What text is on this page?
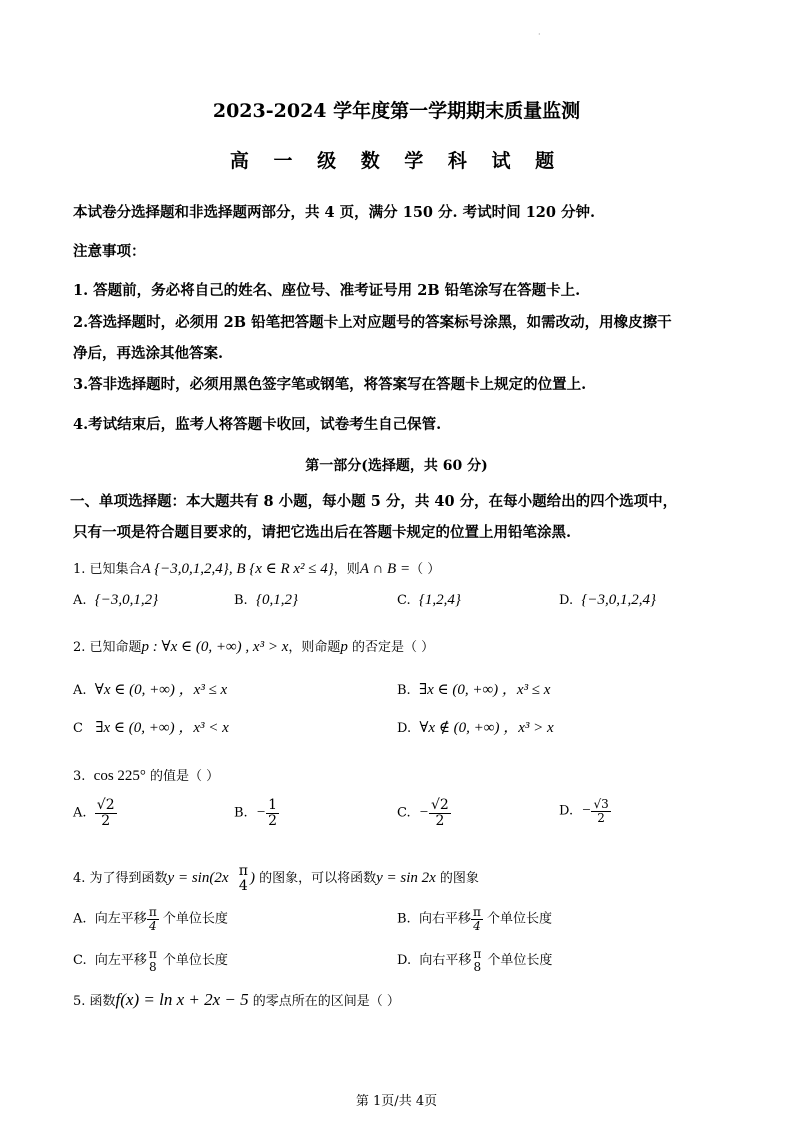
·
2023-2024 学年度第一学期期末质量监测
高 一 级 数 学 科 试 题
本试卷分选择题和非选择题两部分，共 4 页，满分 150 分. 考试时间 120 分钟.
注意事项：
1. 答题前，务必将自己的姓名、座位号、准考证号用 2B 铅笔涂写在答题卡上.
2.答选择题时，必须用 2B 铅笔把答题卡上对应题号的答案标号涂黑，如需改动，用橡皮擦干
净后，再选涂其他答案.
3.答非选择题时，必须用黑色签字笔或钢笔，将答案写在答题卡上规定的位置上.
4.考试结束后，监考人将答题卡收回，试卷考生自己保管.
第一部分(选择题，共 60 分)
一、单项选择题：本大题共有 8 小题，每小题 5 分，共 40 分，在每小题给出的四个选项中，
只有一项是符合题目要求的，请把它选出后在答题卡规定的位置上用铅笔涂黑.
1. 已知集合A {−3,0,1,2,4}, B {x ∈ R x² ≤ 4}，则A ∩ B =（ ）
A. {−3,0,1,2}	B. {0,1,2}	C. {1,2,4}	D. {−3,0,1,2,4}
2. 已知命题p : ∀x ∈ (0, +∞) , x³ > x，则命题p 的否定是（ ）
A. ∀x ∈ (0, +∞) ，x³ ≤ x	B. ∃x ∈ (0, +∞) ，x³ ≤ x
C ∃x ∈ (0, +∞) ，x³ < x	D. ∀x ∉ (0, +∞) ，x³ > x
3. cos 225° 的值是（ ）
A. $\frac{√2}{2}$	B. − $\frac{1}{2}$	C. − $\frac{√2}{2}$	D. − $\frac{√3}{2}$
4. 为了得到函数y = sin(2x π
4 ) 的图象，可以将函数y = sin 2x 的图象
A. 向左平移 $\frac{\pi}{4}$ 个单位长度	B. 向右平移 $\frac{\pi}{4}$ 个单位长度
C. 向左平移 π
8 个单位长度	D. 向右平移 π
8 个单位长度
5. 函数f(x) = ln x + 2x − 5 的零点所在的区间是（ ）
第 1页/共 4页
